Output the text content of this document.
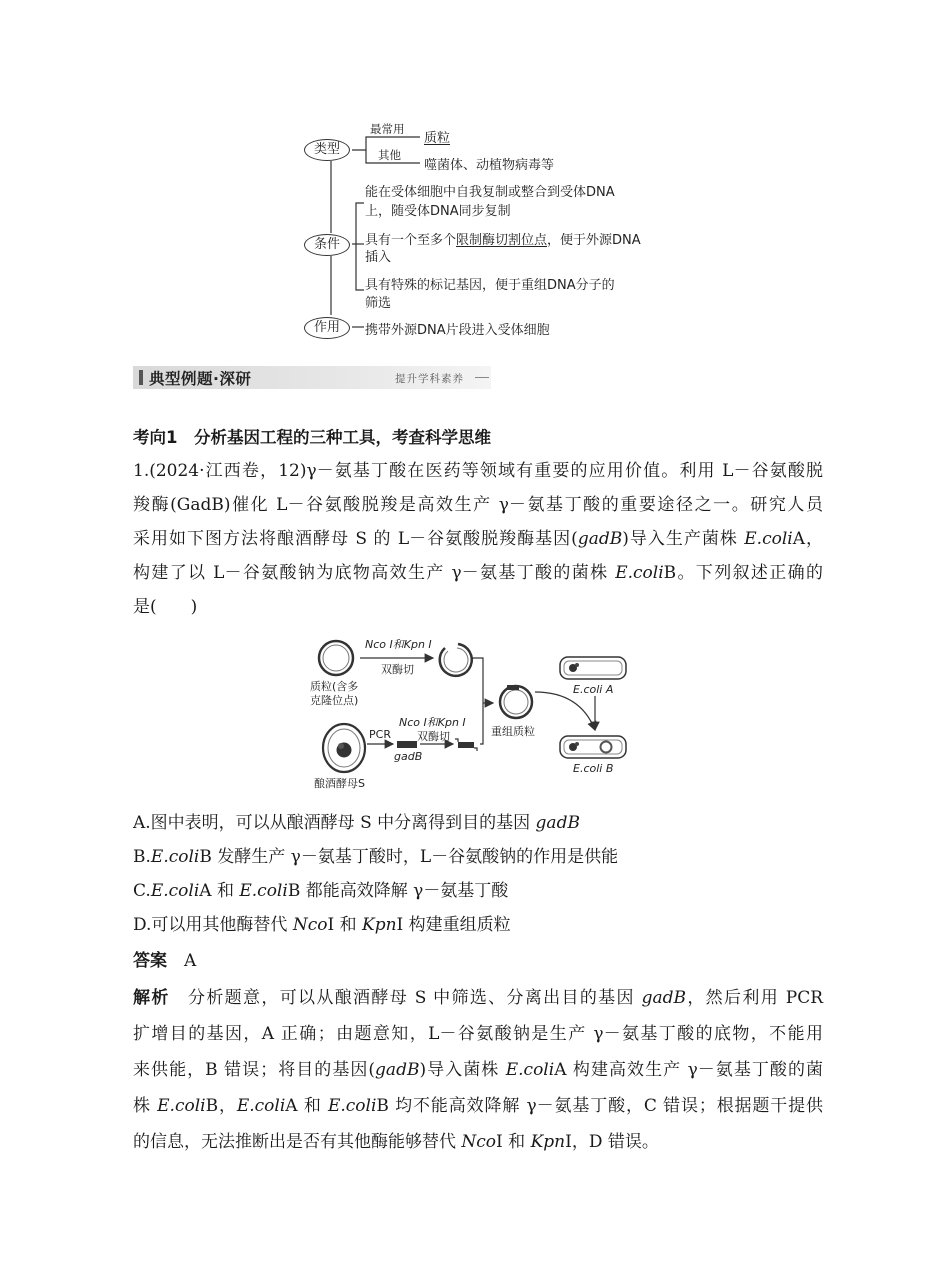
类型
最常用
质粒
其他
噬菌体、动植物病毒等
条件
能在受体细胞中自我复制或整合到受体DNA
上，随受体DNA同步复制
具有一个至多个限制酶切割位点，便于外源DNA
插入
具有特殊的标记基因，便于重组DNA分子的
筛选
作用	携带外源DNA片段进入受体细胞
典型例题·深研	提升学科素养
考向1　分析基因工程的三种工具，考查科学思维
1.(2024·江西卷，12)γ－氨基丁酸在医药等领域有重要的应用价值。利用 L－谷氨酸脱
羧酶(GadB)催化 L－谷氨酸脱羧是高效生产 γ－氨基丁酸的重要途径之一。研究人员
采用如下图方法将酿酒酵母 S 的 L－谷氨酸脱羧酶基因(gadB)导入生产菌株 E.coliA，
构建了以 L－谷氨酸钠为底物高效生产 γ－氨基丁酸的菌株 E.coliB。下列叙述正确的
是(　　)
Nco Ⅰ和Kpn Ⅰ
双酶切
质粒(含多
克隆位点)
PCR
gadB
Nco Ⅰ和Kpn Ⅰ
双酶切
酿酒酵母S
重组质粒
E.coli A
E.coli B
A.图中表明，可以从酿酒酵母 S 中分离得到目的基因 gadB
B.E.coliB 发酵生产 γ－氨基丁酸时，L－谷氨酸钠的作用是供能
C.E.coliA 和 E.coliB 都能高效降解 γ－氨基丁酸
D.可以用其他酶替代 NcoⅠ 和 KpnⅠ 构建重组质粒
答案　 A
解析　 分析题意，可以从酿酒酵母 S 中筛选、分离出目的基因 gadB，然后利用 PCR
扩增目的基因，A 正确；由题意知，L－谷氨酸钠是生产 γ－氨基丁酸的底物，不能用
来供能，B 错误；将目的基因(gadB)导入菌株 E.coliA 构建高效生产 γ－氨基丁酸的菌
株 E.coliB，E.coliA 和 E.coliB 均不能高效降解 γ－氨基丁酸，C 错误；根据题干提供
的信息，无法推断出是否有其他酶能够替代 NcoⅠ 和 KpnⅠ，D 错误。
